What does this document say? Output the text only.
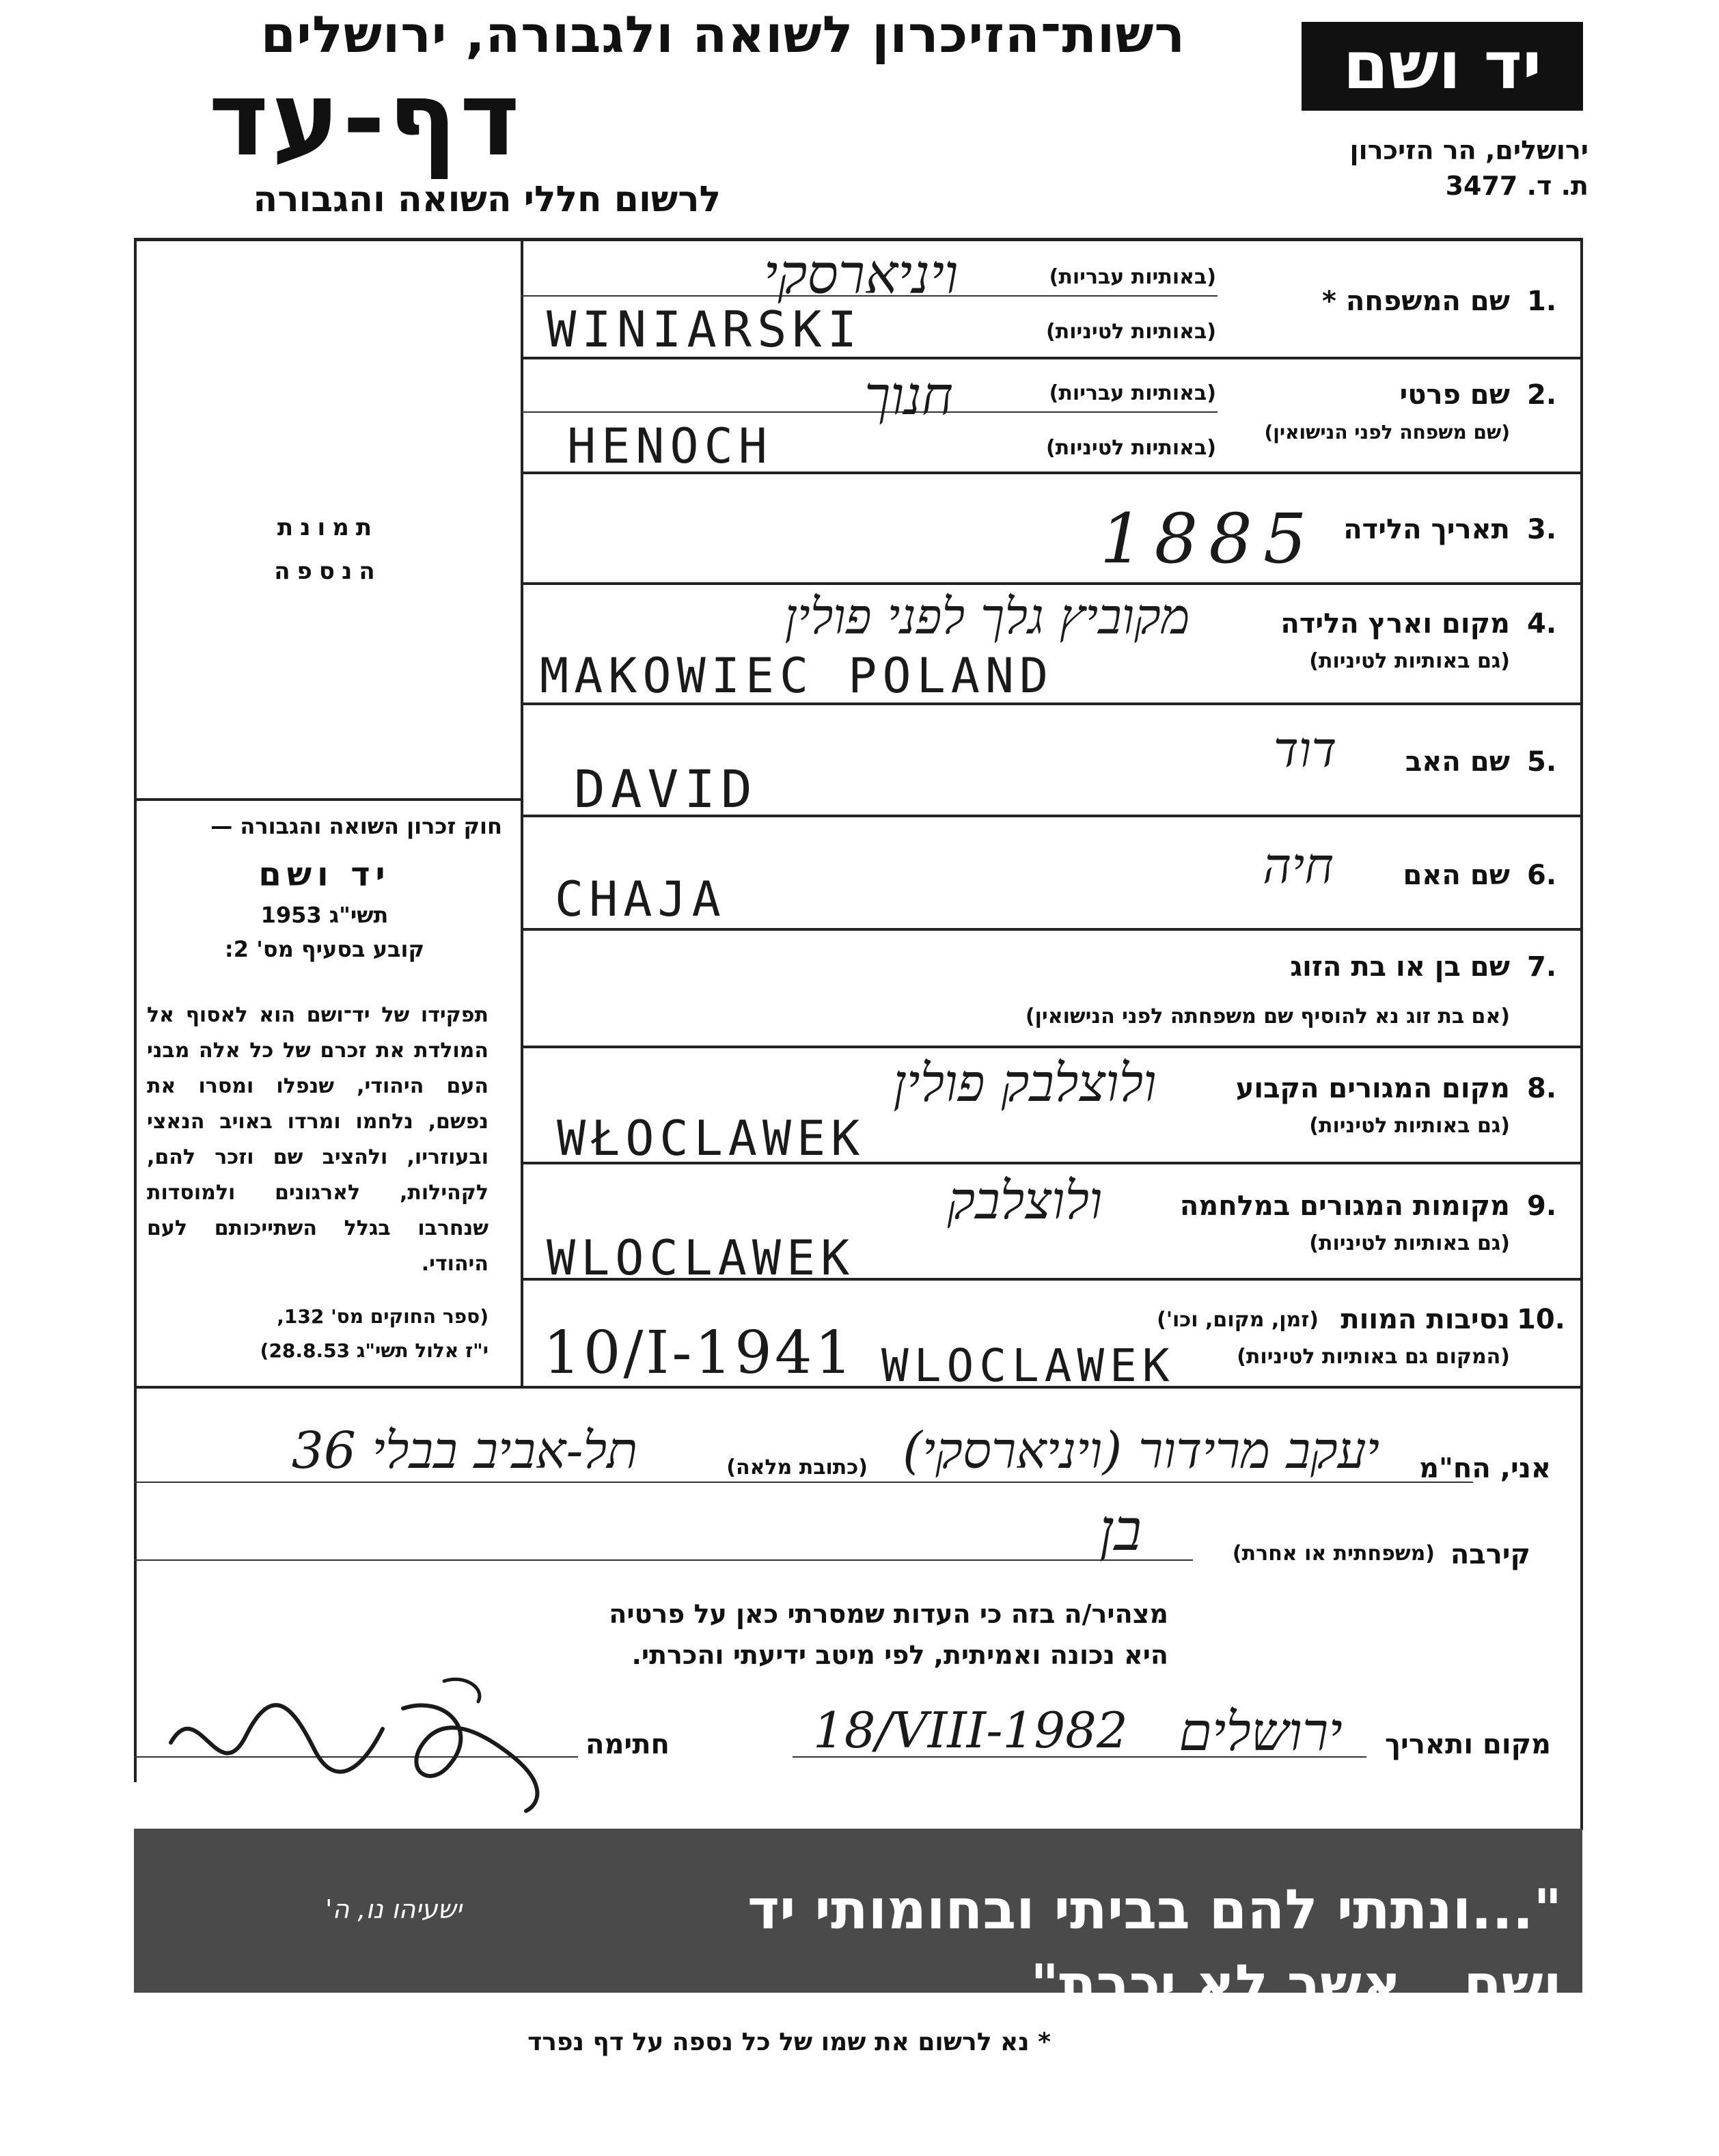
רשות־הזיכרון לשואה ולגבורה, ירושלים
דף-עד
לרשום חללי השואה והגבורה
יד ושם
ירושלים, הר הזיכרון
ת. ד. 3477
תמונת
הנספה
חוק זכרון השואה והגבורה —
יד ושם
תשי"ג 1953
קובע בסעיף מס' 2:
תפקידו של יד־ושם הוא לאסוף אל המולדת את זכרם של כל אלה מבני העם היהודי, שנפלו ומסרו את נפשם, נלחמו ומרדו באויב הנאצי ובעוזריו, ולהציב שם וזכר להם, לקהילות, לארגונים ולמוסדות שנחרבו בגלל השתייכותם לעם היהודי.
(ספר החוקים מס' 132,
י"ז אלול תשי"ג 28.8.53)
1.
שם המשפחה *
(באותיות עבריות)
(באותיות לטיניות)
ויניארסקי
WINIARSKI
2.
שם פרטי
(שם משפחה לפני הנישואין)
(באותיות עבריות)
(באותיות לטיניות)
חנוך
HENOCH
3.
תאריך הלידה
1885
4.
מקום וארץ הלידה
(גם באותיות לטיניות)
מקוביץ גלך לפני פולין
MAKOWIEC POLAND
5.
שם האב
דוד
DAVID
6.
שם האם
חיה
CHAJA
7.
שם בן או בת הזוג
(אם בת זוג נא להוסיף שם משפחתה לפני הנישואין)
8.
מקום המגורים הקבוע
(גם באותיות לטיניות)
ולוצלבק פולין
WŁOCLAWEK
9.
מקומות המגורים במלחמה
(גם באותיות לטיניות)
ולוצלבק
WLOCLAWEK
10.
נסיבות המוות
(זמן, מקום, וכו')
(המקום גם באותיות לטיניות)
10/I-1941 WLOCLAWEK
אני, הח"מ
יעקב מרידור (ויניארסקי)
(כתובת מלאה)
תל-אביב בבלי 36
קירבה
(משפחתית או אחרת)
בן
מצהיר/ה בזה כי העדות שמסרתי כאן על פרטיה
היא נכונה ואמיתית, לפי מיטב ידיעתי והכרתי.
מקום ותאריך
ירושלים
18/VIII-1982
חתימה
"...ונתתי להם בביתי ובחומותי יד ושם...אשר לא יכרת"
ישעיהו נו, ה'
* נא לרשום את שמו של כל נספה על דף נפרד
